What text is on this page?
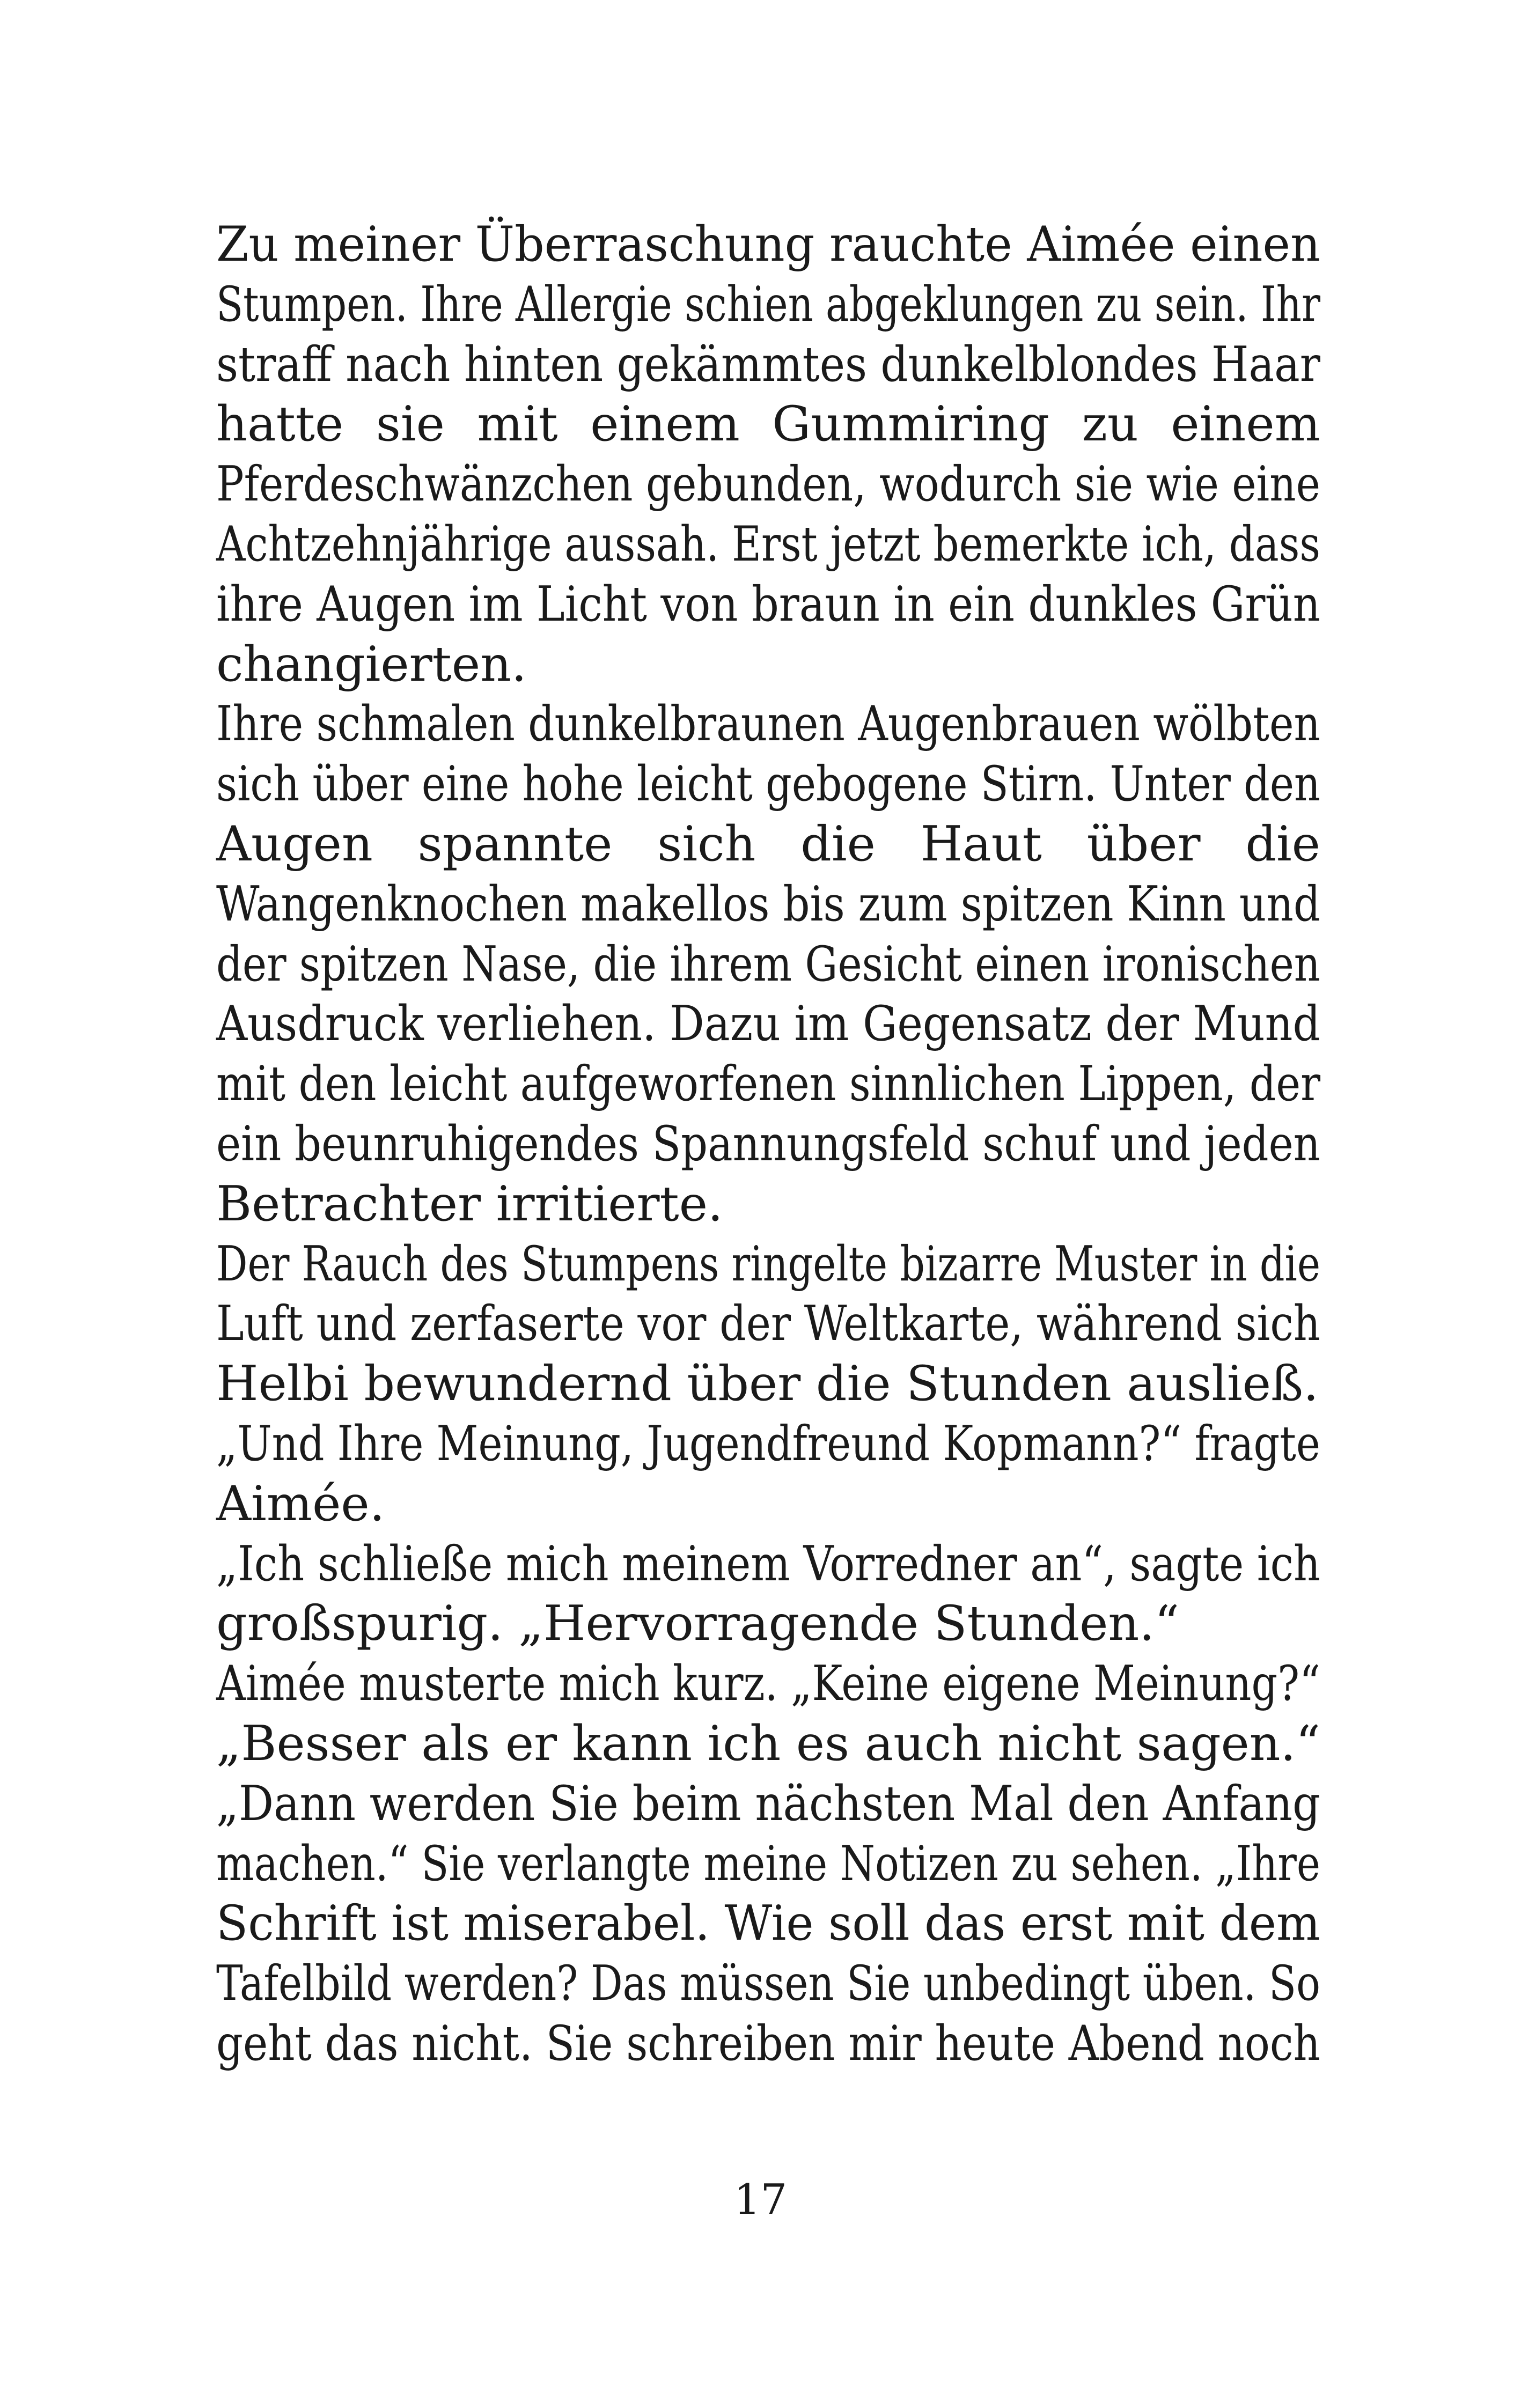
Zu meiner Überraschung rauchte Aimée einen
Stumpen. Ihre Allergie schien abgeklungen zu sein. Ihr
straff nach hinten gekämmtes dunkelblondes Haar
hatte sie mit einem Gummiring zu einem
Pferdeschwänzchen gebunden, wodurch sie wie eine
Achtzehnjährige aussah. Erst jetzt bemerkte ich, dass
ihre Augen im Licht von braun in ein dunkles Grün
changierten.
Ihre schmalen dunkelbraunen Augenbrauen wölbten
sich über eine hohe leicht gebogene Stirn. Unter den
Augen spannte sich die Haut über die
Wangenknochen makellos bis zum spitzen Kinn und
der spitzen Nase, die ihrem Gesicht einen ironischen
Ausdruck verliehen. Dazu im Gegensatz der Mund
mit den leicht aufgeworfenen sinnlichen Lippen, der
ein beunruhigendes Spannungsfeld schuf und jeden
Betrachter irritierte.
Der Rauch des Stumpens ringelte bizarre Muster in die
Luft und zerfaserte vor der Weltkarte, während sich
Helbi bewundernd über die Stunden ausließ.
„Und Ihre Meinung, Jugendfreund Kopmann?“ fragte
Aimée.
„Ich schließe mich meinem Vorredner an“, sagte ich
großspurig. „Hervorragende Stunden.“
Aimée musterte mich kurz. „Keine eigene Meinung?“
„Besser als er kann ich es auch nicht sagen.“
„Dann werden Sie beim nächsten Mal den Anfang
machen.“ Sie verlangte meine Notizen zu sehen. „Ihre
Schrift ist miserabel. Wie soll das erst mit dem
Tafelbild werden? Das müssen Sie unbedingt üben. So
geht das nicht. Sie schreiben mir heute Abend noch
17
